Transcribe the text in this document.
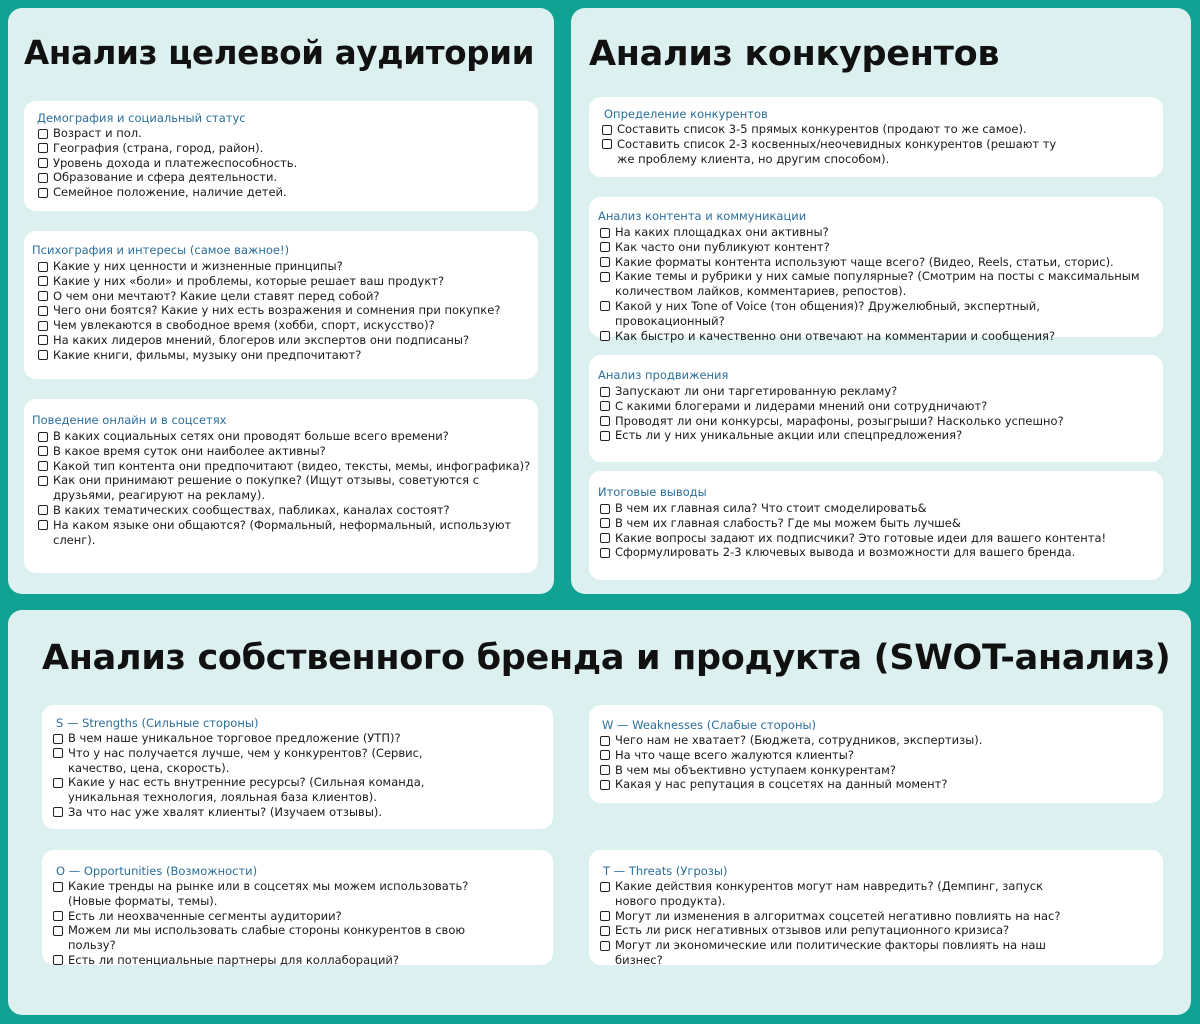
Анализ целевой аудитории
Демография и социальный статус
Возраст и пол.
География (страна, город, район).
Уровень дохода и платежеспособность.
Образование и сфера деятельности.
Семейное положение, наличие детей.
Психография и интересы (самое важное!)
Какие у них ценности и жизненные принципы?
Какие у них «боли» и проблемы, которые решает ваш продукт?
О чем они мечтают? Какие цели ставят перед собой?
Чего они боятся? Какие у них есть возражения и сомнения при покупке?
Чем увлекаются в свободное время (хобби, спорт, искусство)?
На каких лидеров мнений, блогеров или экспертов они подписаны?
Какие книги, фильмы, музыку они предпочитают?
Поведение онлайн и в соцсетях
В каких социальных сетях они проводят больше всего времени?
В какое время суток они наиболее активны?
Какой тип контента они предпочитают (видео, тексты, мемы, инфографика)?
Как они принимают решение о покупке? (Ищут отзывы, советуются с друзьями, реагируют на рекламу).
В каких тематических сообществах, пабликах, каналах состоят?
На каком языке они общаются? (Формальный, неформальный, используют сленг).
Анализ конкурентов
Определение конкурентов
Составить список 3-5 прямых конкурентов (продают то же самое).
Составить список 2-3 косвенных/неочевидных конкурентов (решают ту же проблему клиента, но другим способом).
Анализ контента и коммуникации
На каких площадках они активны?
Как часто они публикуют контент?
Какие форматы контента используют чаще всего? (Видео, Reels, статьи, сторис).
Какие темы и рубрики у них самые популярные? (Смотрим на посты с максимальным количеством лайков, комментариев, репостов).
Какой у них Tone of Voice (тон общения)? Дружелюбный, экспертный, провокационный?
Как быстро и качественно они отвечают на комментарии и сообщения?
Анализ продвижения
Запускают ли они таргетированную рекламу?
С какими блогерами и лидерами мнений они сотрудничают?
Проводят ли они конкурсы, марафоны, розыгрыши? Насколько успешно?
Есть ли у них уникальные акции или спецпредложения?
Итоговые выводы
В чем их главная сила? Что стоит смоделировать&
В чем их главная слабость? Где мы можем быть лучше&
Какие вопросы задают их подписчики? Это готовые идеи для вашего контента!
Сформулировать 2-3 ключевых вывода и возможности для вашего бренда.
Анализ собственного бренда и продукта (SWOT-анализ)
S — Strengths (Сильные стороны)
В чем наше уникальное торговое предложение (УТП)?
Что у нас получается лучше, чем у конкурентов? (Сервис, качество, цена, скорость).
Какие у нас есть внутренние ресурсы? (Сильная команда, уникальная технология, лояльная база клиентов).
За что нас уже хвалят клиенты? (Изучаем отзывы).
W — Weaknesses (Слабые стороны)
Чего нам не хватает? (Бюджета, сотрудников, экспертизы).
На что чаще всего жалуются клиенты?
В чем мы объективно уступаем конкурентам?
Какая у нас репутация в соцсетях на данный момент?
O — Opportunities (Возможности)
Какие тренды на рынке или в соцсетях мы можем использовать? (Новые форматы, темы).
Есть ли неохваченные сегменты аудитории?
Можем ли мы использовать слабые стороны конкурентов в свою пользу?
Есть ли потенциальные партнеры для коллабораций?
T — Threats (Угрозы)
Какие действия конкурентов могут нам навредить? (Демпинг, запуск нового продукта).
Могут ли изменения в алгоритмах соцсетей негативно повлиять на нас?
Есть ли риск негативных отзывов или репутационного кризиса?
Могут ли экономические или политические факторы повлиять на наш бизнес?
